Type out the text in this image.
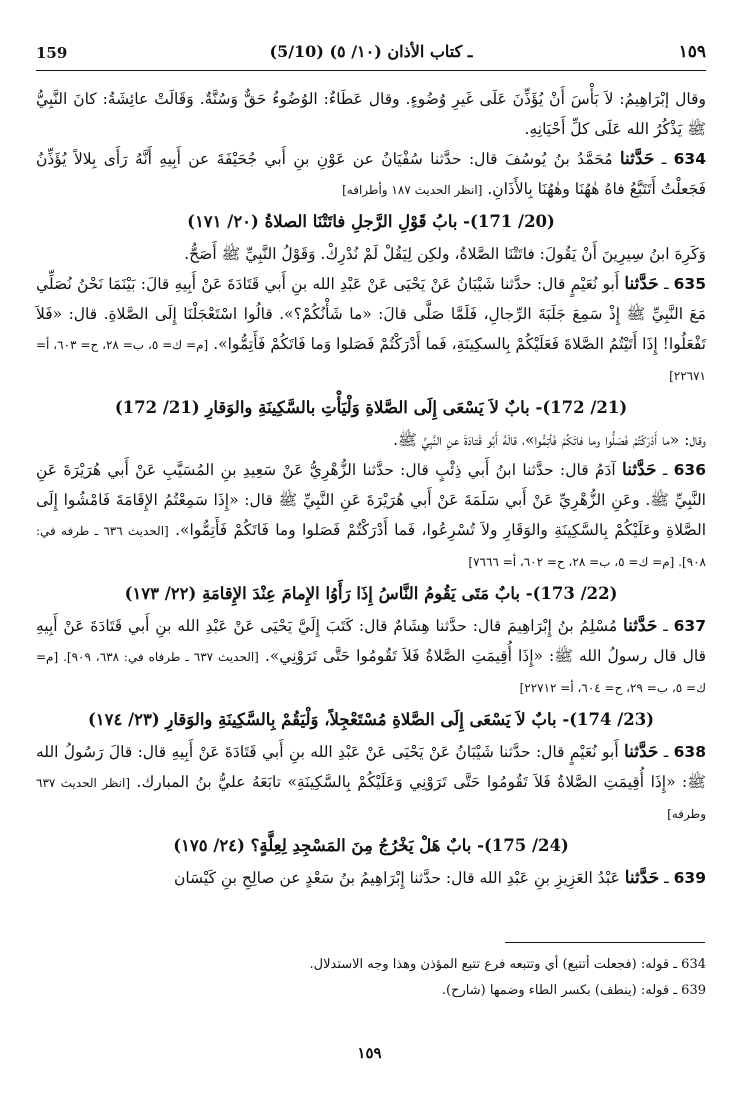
159	(5/10) ـ كتاب الأذان (١٠/ ٥)	١٥٩

وقال إبْرَاهِيمُ: لاَ بَأْسَ أَنْ يُؤَذِّنَ عَلَى غَيرِ وُضُوءٍ. وقال عَطَاءٌ: الوُضُوءُ حَقٌّ وَسُنَّةٌ. وَقَالَتْ عائِشَةُ: كانَ النَّبِيُّ ﷺ يَذْكُرُ الله عَلَى كلِّ أَحْيَانِهِ.

634 ـ حَدَّثنا مُحَمَّدُ بنُ يُوسُفَ قال: حدَّثنا سُفْيَانُ عن عَوْنِ بنِ أَبي جُحَيْفَةَ عن أَبِيهِ أَنَّهُ رَأَى بِلالاً يُؤَذِّنُ فَجَعلْتُ أَتَتَبَّعُ فاهُ هٰهُنَا وهٰهُنَا بِالأَذَانِ. [انظر الحديث ١٨٧ وأطرافه]

(20/ 171)- بابُ قَوْلِ الرَّجلِ فاتَتْنَا الصلاةُ (٢٠/ ١٧١)

وَكَرِهَ ابنُ سِيرِينَ أَنْ يَقُولَ: فاتَتْنَا الصَّلاةُ، ولكِن لِيَقُلْ لَمْ نُدْرِكْ. وَقَوْلُ النَّبِيِّ ﷺ أَصَحُّ.

635 ـ حَدَّثنا أَبو نُعَيْمٍ قال: حدَّثنا شَيْبَانُ عَنْ يَحْيَى عَنْ عَبْدِ الله بنِ أَبي قَتَادَةَ عَنْ أَبِيهِ قالَ: بَيْنَمَا نَحْنُ نُصَلِّي مَعَ النَّبِيِّ ﷺ إِذْ سَمِعَ جَلَبَةَ الرِّجالِ، فَلَمَّا صَلَّى قالَ: «ما شَأْنُكُمْ؟». قالُوا اسْتَعْجَلْنَا إِلَى الصَّلاةِ. قال: «فَلاَ تَفْعَلُوا! إِذَا أَتَيْتُمُ الصَّلاةَ فَعَلَيْكُمْ بِالسكِينَةِ، فَما أَدْرَكْتُمْ فَصَلوا وَما فَاتَكُمْ فَأَتِمُّوا». [م= ك= ٥، ب= ٢٨، ح= ٦٠٣، أ= ٢٢٦٧١]

(21/ 172)- بابٌ لاَ يَسْعَى إِلَى الصَّلاةِ وَلْيَأْتِ بالسَّكِينَةِ والوَقارِ (21/ 172)

وقال: «ما أَدْرَكْتُمْ فَصَلُّوا وما فاتَكُمْ فَأتِمُّوا»، قالَهُ أَبُو قَتادَةَ عنِ النَّبِيِّ ﷺ.

636 ـ حَدَّثنا آدَمُ قال: حدَّثنا ابنُ أَبي ذِئْبٍ قال: حدَّثنا الزُّهْرِيُّ عَنْ سَعِيدِ بنِ المُسَيَّبِ عَنْ أَبي هُرَيْرَةَ عَنِ النَّبِيِّ ﷺ. وعَنِ الزُّهْرِيِّ عَنْ أَبي سَلَمَةَ عَنْ أَبي هُرَيْرَةَ عَنِ النَّبِيِّ ﷺ قال: «إِذَا سَمِعْتُمُ الإِقَامَةَ فَامْشُوا إِلَى الصَّلاةِ وعَلَيْكُمْ بِالسَّكِينَةِ والوَقَارِ ولاَ تُسْرِعُوا، فَما أَدْرَكْتُمْ فَصَلوا وما فَاتَكُمْ فَأَتِمُّوا». [الحديث ٦٣٦ ـ طرفه في: ٩٠٨]. [م= ك= ٥، ب= ٢٨، ح= ٦٠٢، أ= ٧٦٦٦]

(22/ 173)- بابٌ مَتَى يَقُومُ النَّاسُ إِذَا رَأَوُا الإِمامَ عِنْدَ الإِقامَةِ (٢٢/ ١٧٣)

637 ـ حَدَّثنا مُسْلِمُ بنُ إِبْرَاهِيمَ قال: حدَّثنا هِشَامٌ قال: كَتَبَ إِلَيَّ يَحْيَى عَنْ عَبْدِ الله بنِ أَبي قَتَادَةَ عَنْ أَبِيهِ قال قال رسولُ الله ﷺ: «إِذَا أُقِيمَتِ الصَّلاةُ فَلاَ تَقُومُوا حَتَّى تَرَوْنِي». [الحديث ٦٣٧ ـ طرفاه في: ٦٣٨، ٩٠٩]. [م= ك= ٥، ب= ٢٩، ح= ٦٠٤، أ= ٢٢٧١٢]

(23/ 174)- بابٌ لاَ يَسْعَى إِلَى الصَّلاةِ مُسْتَعْجِلاً، وَلْيَقُمْ بِالسَّكِينَةِ والوَقارِ (٢٣/ ١٧٤)

638 ـ حَدَّثنا أَبو نُعَيْمٍ قال: حدَّثنا شَيْبَانُ عَنْ يَحْيَى عَنْ عَبْدِ الله بنِ أَبي قَتَادَةَ عَنْ أَبِيهِ قال: قالَ رَسُولُ الله ﷺ: «إِذَا أُقِيمَتِ الصَّلاةُ فَلاَ تَقُومُوا حَتَّى تَرَوْنِي وَعَلَيْكُمْ بِالسَّكِينَةِ» تابَعَهُ عليُّ بنُ المبارك. [انظر الحديث ٦٣٧ وطرفه]

(24/ 175)- بابٌ هَلْ يَخْرُجُ مِنَ المَسْجِدِ لِعِلَّةٍ؟ (٢٤/ ١٧٥)

639 ـ حَدَّثنا عَبْدُ العَزِيزِ بنِ عَبْدِ الله قال: حدَّثنا إِبْرَاهِيمُ بنُ سَعْدٍ عن صالِحِ بنِ كَيْسَان

634 ـ قوله: (فجعلت أتتبع) أي وتتبعه فرع تتبع المؤذن وهذا وجه الاستدلال.

639 ـ قوله: (ينطف) بكسر الطاء وضمها (شارح).

١٥٩
